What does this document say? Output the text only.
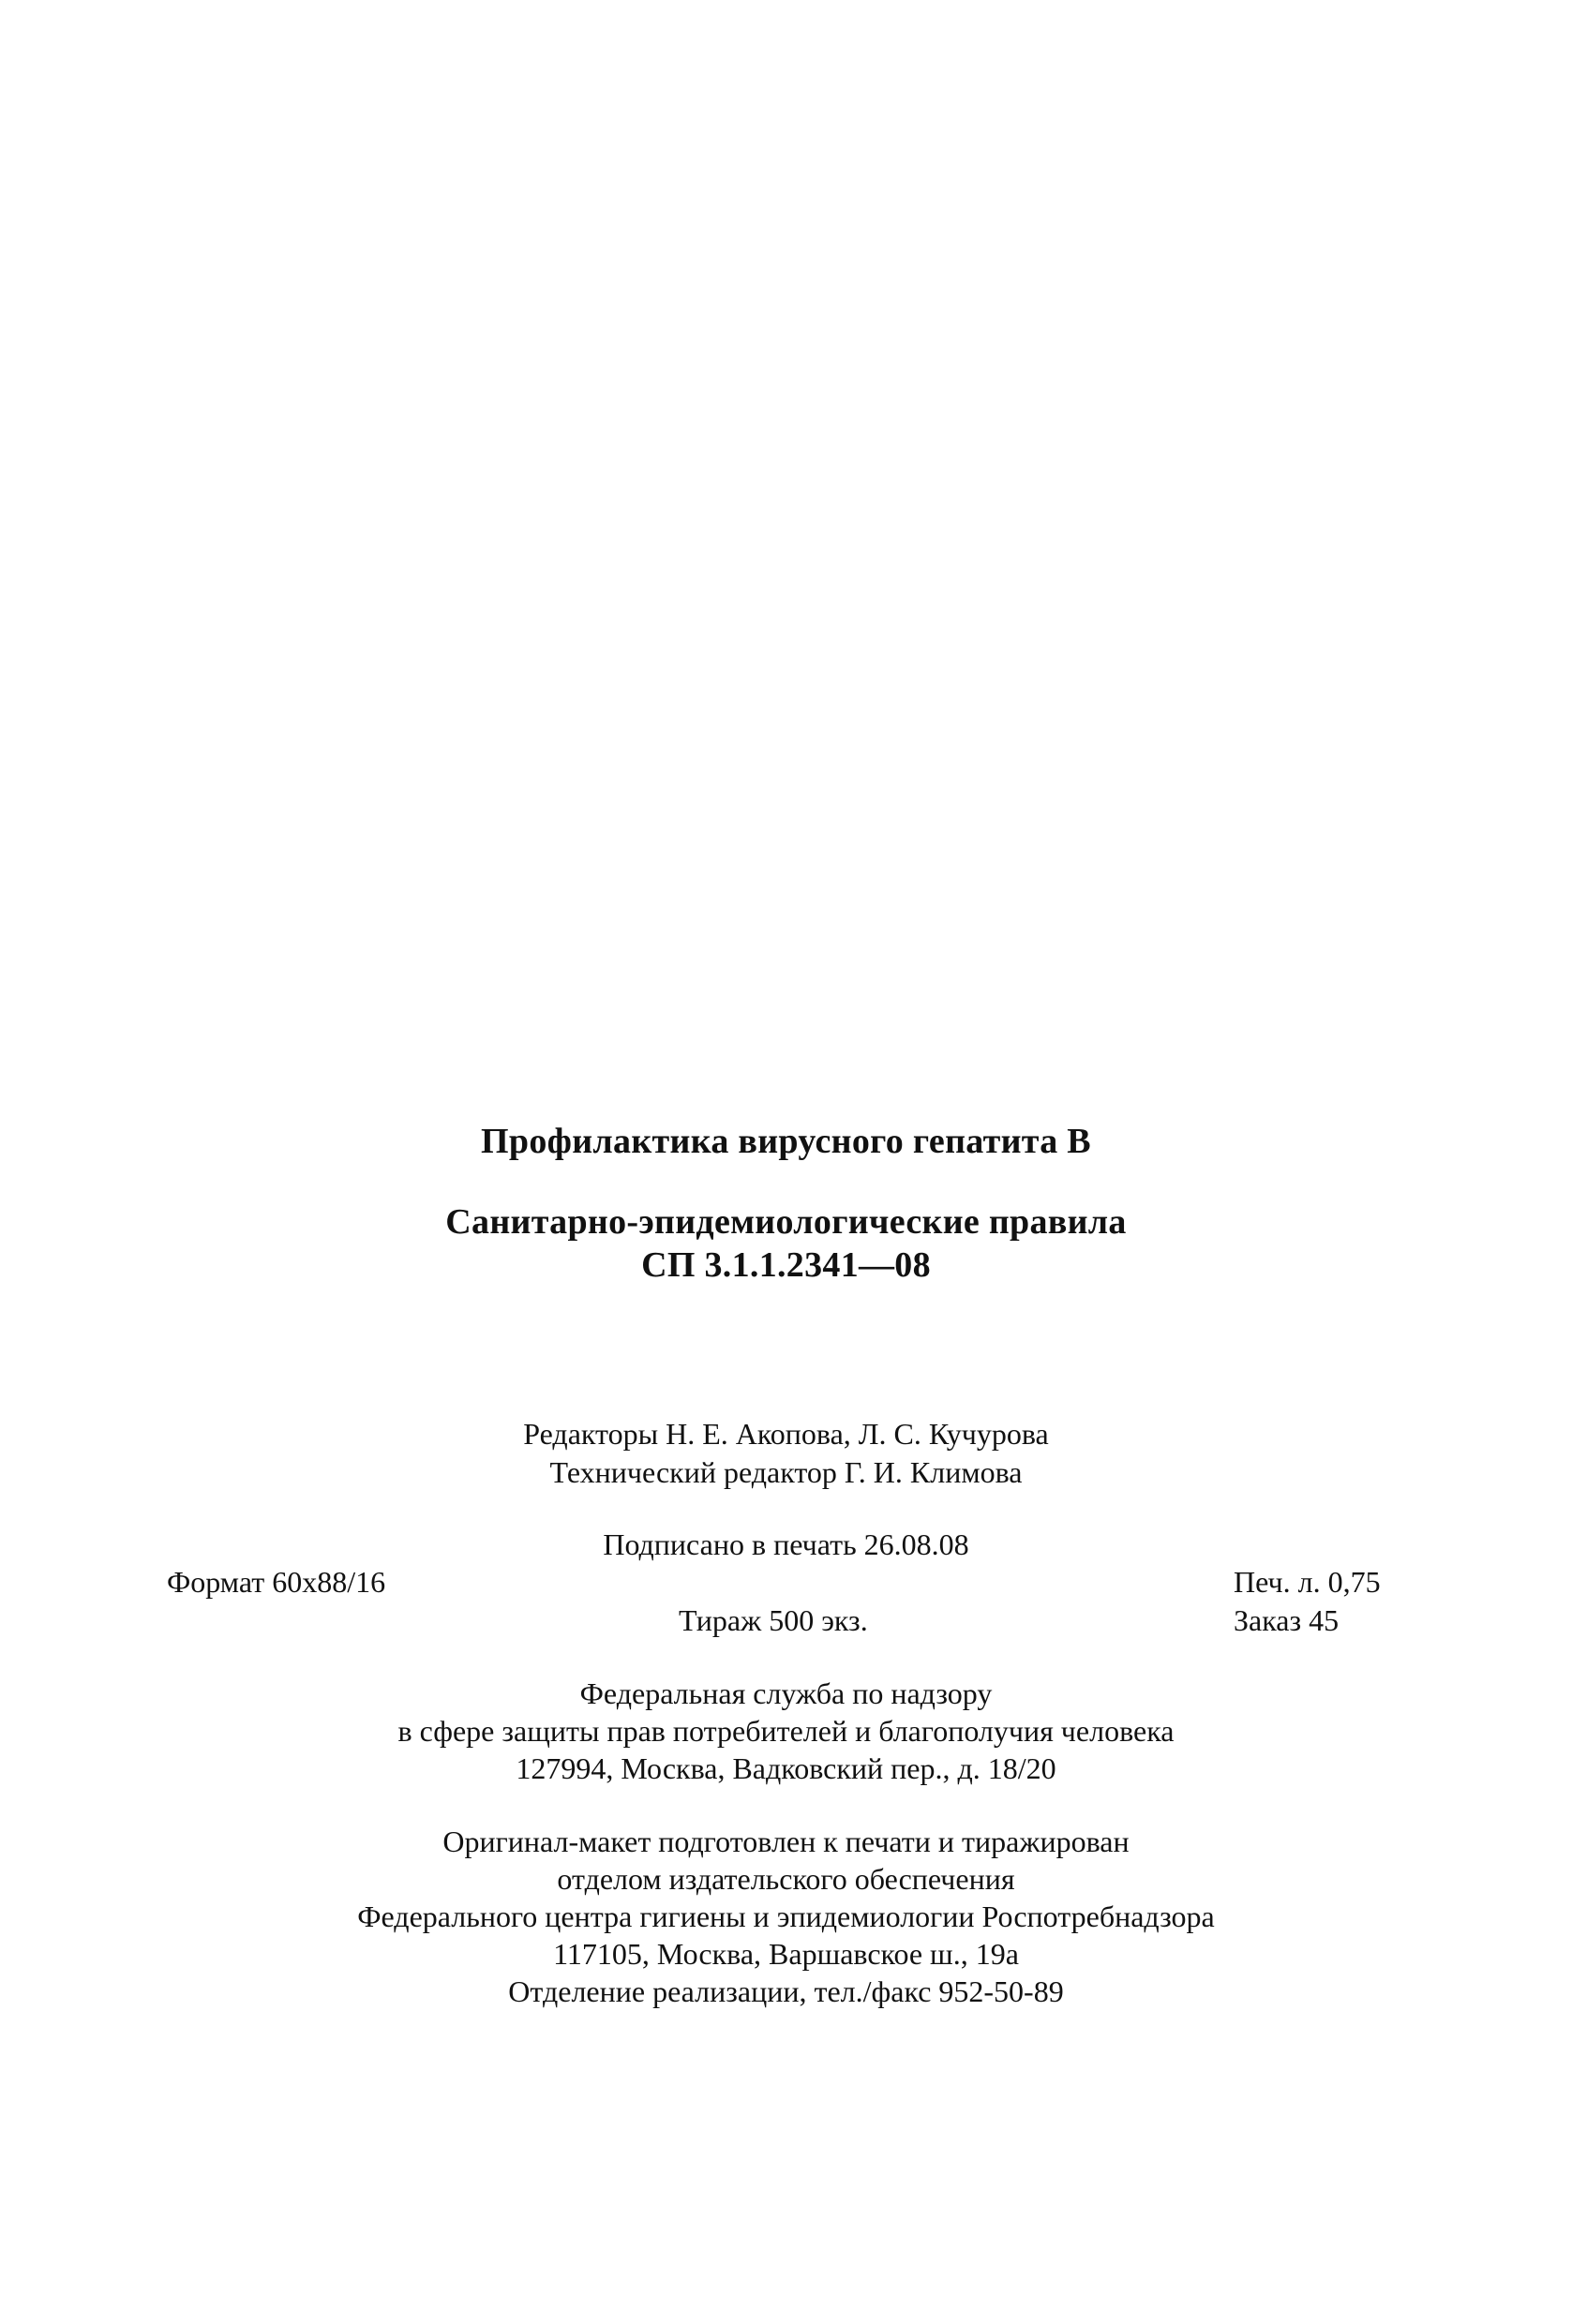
Профилактика вирусного гепатита В
Санитарно-эпидемиологические правила
СП 3.1.1.2341—08
Редакторы Н. Е. Акопова, Л. С. Кучурова
Технический редактор Г. И. Климова
Подписано в печать 26.08.08
Формат 60x88/16	Печ. л. 0,75
Тираж 500 экз.	Заказ 45
Федеральная служба по надзору
в сфере защиты прав потребителей и благополучия человека
127994, Москва, Вадковский пер., д. 18/20
Оригинал-макет подготовлен к печати и тиражирован
отделом издательского обеспечения
Федерального центра гигиены и эпидемиологии Роспотребнадзора
117105, Москва, Варшавское ш., 19а
Отделение реализации, тел./факс 952-50-89
